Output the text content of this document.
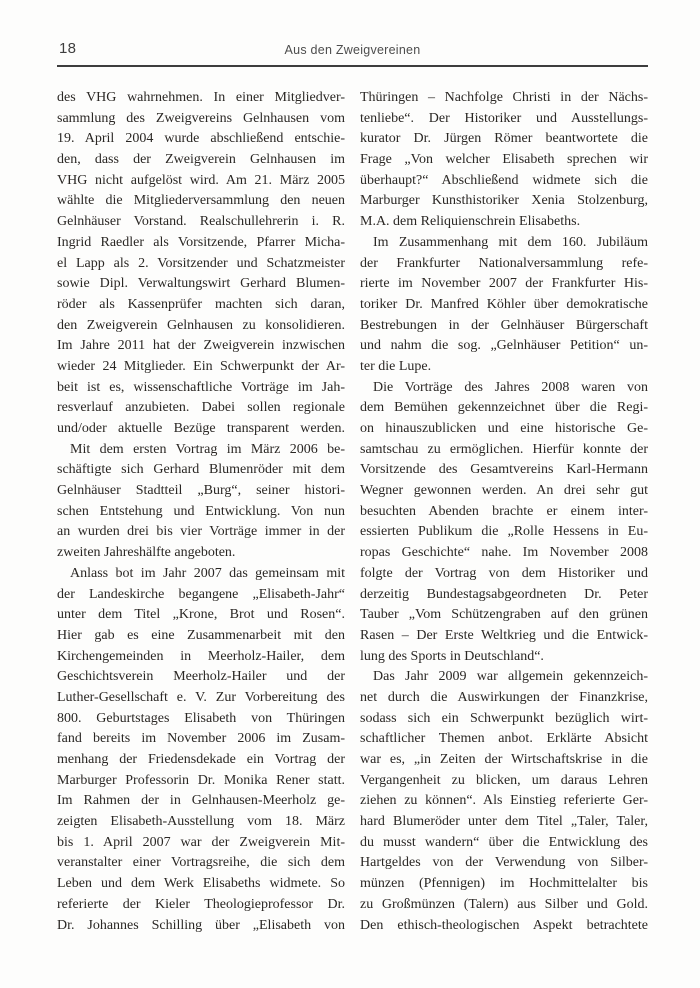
18	Aus den Zweigvereinen
des VHG wahrnehmen. In einer Mitgliedver-
sammlung des Zweigvereins Gelnhausen vom
19. April 2004 wurde abschließend entschie-
den, dass der Zweigverein Gelnhausen im
VHG nicht aufgelöst wird. Am 21. März 2005
wählte die Mitgliederversammlung den neuen
Gelnhäuser Vorstand. Realschullehrerin i. R.
Ingrid Raedler als Vorsitzende, Pfarrer Micha-
el Lapp als 2. Vorsitzender und Schatzmeister
sowie Dipl. Verwaltungswirt Gerhard Blumen-
röder als Kassenprüfer machten sich daran,
den Zweigverein Gelnhausen zu konsolidieren.
Im Jahre 2011 hat der Zweigverein inzwischen
wieder 24 Mitglieder. Ein Schwerpunkt der Ar-
beit ist es, wissenschaftliche Vorträge im Jah-
resverlauf anzubieten. Dabei sollen regionale
und/oder aktuelle Bezüge transparent werden.
Mit dem ersten Vortrag im März 2006 be-
schäftigte sich Gerhard Blumenröder mit dem
Gelnhäuser Stadtteil „Burg“, seiner histori-
schen Entstehung und Entwicklung. Von nun
an wurden drei bis vier Vorträge immer in der
zweiten Jahreshälfte angeboten.
Anlass bot im Jahr 2007 das gemeinsam mit
der Landeskirche begangene „Elisabeth-Jahr“
unter dem Titel „Krone, Brot und Rosen“.
Hier gab es eine Zusammenarbeit mit den
Kirchengemeinden in Meerholz-Hailer, dem
Geschichtsverein Meerholz-Hailer und der
Luther-Gesellschaft e. V. Zur Vorbereitung des
800. Geburtstages Elisabeth von Thüringen
fand bereits im November 2006 im Zusam-
menhang der Friedensdekade ein Vortrag der
Marburger Professorin Dr. Monika Rener statt.
Im Rahmen der in Gelnhausen-Meerholz ge-
zeigten Elisabeth-Ausstellung vom 18. März
bis 1. April 2007 war der Zweigverein Mit-
veranstalter einer Vortragsreihe, die sich dem
Leben und dem Werk Elisabeths widmete. So
referierte der Kieler Theologieprofessor Dr.
Dr. Johannes Schilling über „Elisabeth von
Thüringen – Nachfolge Christi in der Nächs-
tenliebe“. Der Historiker und Ausstellungs-
kurator Dr. Jürgen Römer beantwortete die
Frage „Von welcher Elisabeth sprechen wir
überhaupt?“ Abschließend widmete sich die
Marburger Kunsthistoriker Xenia Stolzenburg,
M.A. dem Reliquienschrein Elisabeths.
Im Zusammenhang mit dem 160. Jubiläum
der Frankfurter Nationalversammlung refe-
rierte im November 2007 der Frankfurter His-
toriker Dr. Manfred Köhler über demokratische
Bestrebungen in der Gelnhäuser Bürgerschaft
und nahm die sog. „Gelnhäuser Petition“ un-
ter die Lupe.
Die Vorträge des Jahres 2008 waren von
dem Bemühen gekennzeichnet über die Regi-
on hinauszublicken und eine historische Ge-
samtschau zu ermöglichen. Hierfür konnte der
Vorsitzende des Gesamtvereins Karl-Hermann
Wegner gewonnen werden. An drei sehr gut
besuchten Abenden brachte er einem inter-
essierten Publikum die „Rolle Hessens in Eu-
ropas Geschichte“ nahe. Im November 2008
folgte der Vortrag von dem Historiker und
derzeitig Bundestagsabgeordneten Dr. Peter
Tauber „Vom Schützengraben auf den grünen
Rasen – Der Erste Weltkrieg und die Entwick-
lung des Sports in Deutschland“.
Das Jahr 2009 war allgemein gekennzeich-
net durch die Auswirkungen der Finanzkrise,
sodass sich ein Schwerpunkt bezüglich wirt-
schaftlicher Themen anbot. Erklärte Absicht
war es, „in Zeiten der Wirtschaftskrise in die
Vergangenheit zu blicken, um daraus Lehren
ziehen zu können“. Als Einstieg referierte Ger-
hard Blumeröder unter dem Titel „Taler, Taler,
du musst wandern“ über die Entwicklung des
Hartgeldes von der Verwendung von Silber-
münzen (Pfennigen) im Hochmittelalter bis
zu Großmünzen (Talern) aus Silber und Gold.
Den ethisch-theologischen Aspekt betrachtete
